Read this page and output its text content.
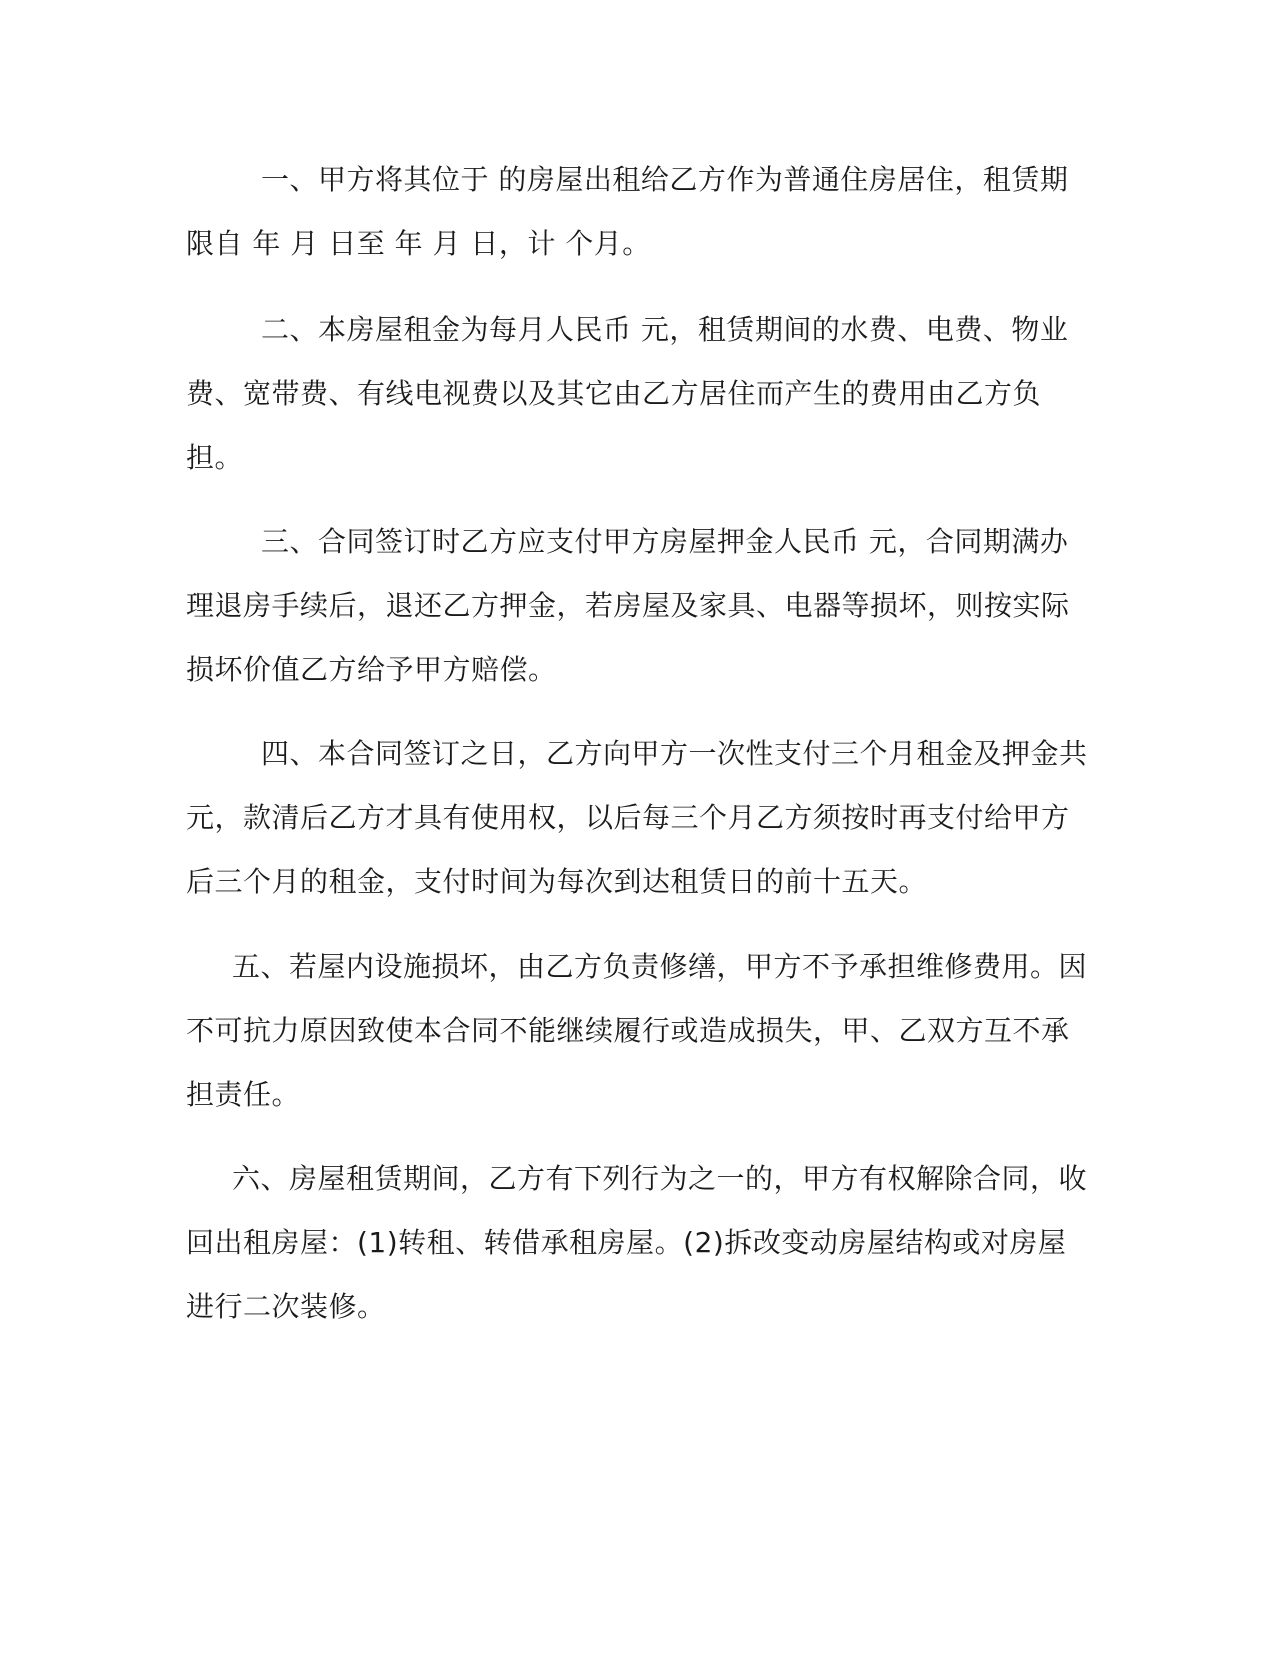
一、甲方将其位于 的房屋出租给乙方作为普通住房居住，租赁期限自 年 月 日至 年 月 日，计 个月。

二、本房屋租金为每月人民币 元，租赁期间的水费、电费、物业费、宽带费、有线电视费以及其它由乙方居住而产生的费用由乙方负担。

三、合同签订时乙方应支付甲方房屋押金人民币 元，合同期满办理退房手续后，退还乙方押金，若房屋及家具、电器等损坏，则按实际损坏价值乙方给予甲方赔偿。

四、本合同签订之日，乙方向甲方一次性支付三个月租金及押金共 元，款清后乙方才具有使用权，以后每三个月乙方须按时再支付给甲方后三个月的租金，支付时间为每次到达租赁日的前十五天。

五、若屋内设施损坏，由乙方负责修缮，甲方不予承担维修费用。因不可抗力原因致使本合同不能继续履行或造成损失，甲、乙双方互不承担责任。

六、房屋租赁期间，乙方有下列行为之一的，甲方有权解除合同，收回出租房屋：(1)转租、转借承租房屋。(2)拆改变动房屋结构或对房屋进行二次装修。
